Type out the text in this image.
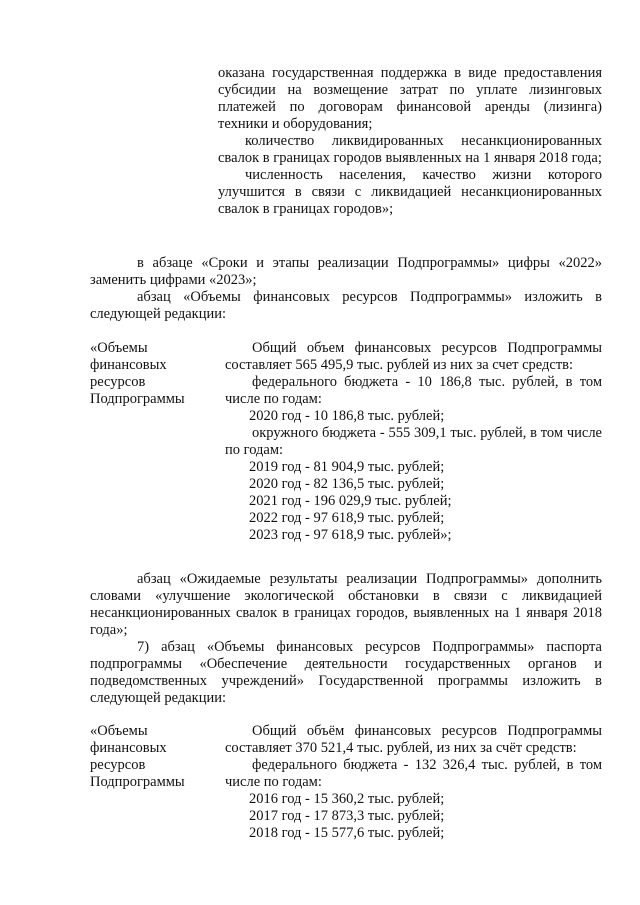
оказана государственная поддержка в виде предоставления субсидии на возмещение затрат по уплате лизинговых платежей по договорам финансовой аренды (лизинга) техники и оборудования;

количество ликвидированных несанкционированных свалок в границах городов выявленных на 1 января 2018 года;

численность населения, качество жизни которого улучшится в связи с ликвидацией несанкционированных свалок в границах городов»;

в абзаце «Сроки и этапы реализации Подпрограммы» цифры «2022» заменить цифрами «2023»;

абзац «Объемы финансовых ресурсов Подпрограммы» изложить в следующей редакции:

«Объемы
финансовых
ресурсов
Подпрограммы

Общий объем финансовых ресурсов Подпрограммы составляет 565 495,9 тыс. рублей из них за счет средств:

федерального бюджета - 10 186,8 тыс. рублей, в том числе по годам:

2020 год - 10 186,8 тыс. рублей;

окружного бюджета - 555 309,1 тыс. рублей, в том числе по годам:

2019 год - 81 904,9 тыс. рублей;

2020 год - 82 136,5 тыс. рублей;

2021 год - 196 029,9 тыс. рублей;

2022 год - 97 618,9 тыс. рублей;

2023 год - 97 618,9 тыс. рублей»;

абзац «Ожидаемые результаты реализации Подпрограммы» дополнить словами «улучшение экологической обстановки в связи с ликвидацией несанкционированных свалок в границах городов, выявленных на 1 января 2018 года»;

7) абзац «Объемы финансовых ресурсов Подпрограммы» паспорта подпрограммы «Обеспечение деятельности государственных органов и подведомственных учреждений» Государственной программы изложить в следующей редакции:

«Объемы
финансовых
ресурсов
Подпрограммы

Общий объём финансовых ресурсов Подпрограммы составляет 370 521,4 тыс. рублей, из них за счёт средств:

федерального бюджета - 132 326,4 тыс. рублей, в том числе по годам:

2016 год - 15 360,2 тыс. рублей;

2017 год - 17 873,3 тыс. рублей;

2018 год - 15 577,6 тыс. рублей;
